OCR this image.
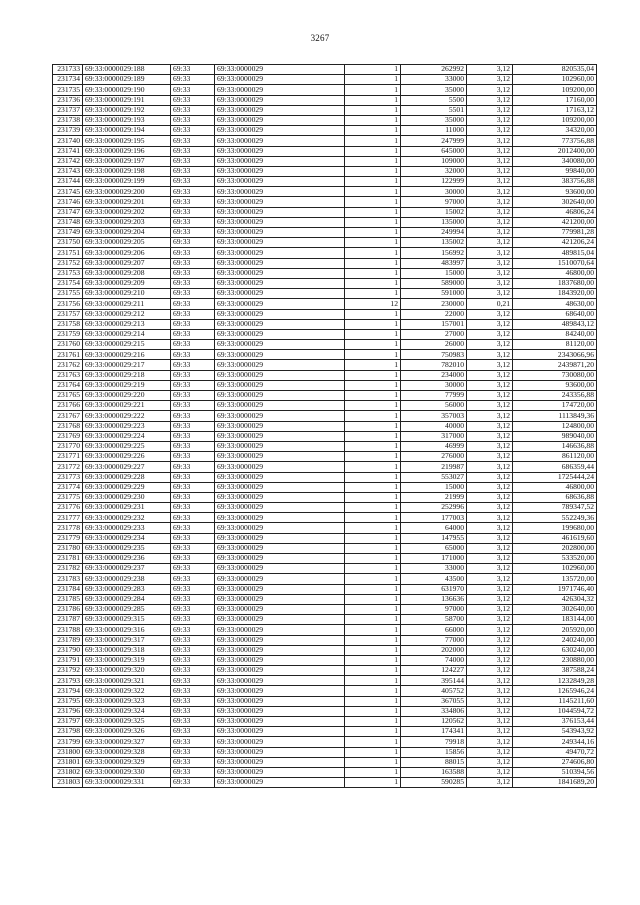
3267
231733	69:33:0000029:188	69:33	69:33:0000029	1	262992	3,12	820535,04
231734	69:33:0000029:189	69:33	69:33:0000029	1	33000	3,12	102960,00
231735	69:33:0000029:190	69:33	69:33:0000029	1	35000	3,12	109200,00
231736	69:33:0000029:191	69:33	69:33:0000029	1	5500	3,12	17160,00
231737	69:33:0000029:192	69:33	69:33:0000029	1	5501	3,12	17163,12
231738	69:33:0000029:193	69:33	69:33:0000029	1	35000	3,12	109200,00
231739	69:33:0000029:194	69:33	69:33:0000029	1	11000	3,12	34320,00
231740	69:33:0000029:195	69:33	69:33:0000029	1	247999	3,12	773756,88
231741	69:33:0000029:196	69:33	69:33:0000029	1	645000	3,12	2012400,00
231742	69:33:0000029:197	69:33	69:33:0000029	1	109000	3,12	340080,00
231743	69:33:0000029:198	69:33	69:33:0000029	1	32000	3,12	99840,00
231744	69:33:0000029:199	69:33	69:33:0000029	1	122999	3,12	383756,88
231745	69:33:0000029:200	69:33	69:33:0000029	1	30000	3,12	93600,00
231746	69:33:0000029:201	69:33	69:33:0000029	1	97000	3,12	302640,00
231747	69:33:0000029:202	69:33	69:33:0000029	1	15002	3,12	46806,24
231748	69:33:0000029:203	69:33	69:33:0000029	1	135000	3,12	421200,00
231749	69:33:0000029:204	69:33	69:33:0000029	1	249994	3,12	779981,28
231750	69:33:0000029:205	69:33	69:33:0000029	1	135002	3,12	421206,24
231751	69:33:0000029:206	69:33	69:33:0000029	1	156992	3,12	489815,04
231752	69:33:0000029:207	69:33	69:33:0000029	1	483997	3,12	1510070,64
231753	69:33:0000029:208	69:33	69:33:0000029	1	15000	3,12	46800,00
231754	69:33:0000029:209	69:33	69:33:0000029	1	589000	3,12	1837680,00
231755	69:33:0000029:210	69:33	69:33:0000029	1	591000	3,12	1843920,00
231756	69:33:0000029:211	69:33	69:33:0000029	12	230000	0,21	48630,00
231757	69:33:0000029:212	69:33	69:33:0000029	1	22000	3,12	68640,00
231758	69:33:0000029:213	69:33	69:33:0000029	1	157001	3,12	489843,12
231759	69:33:0000029:214	69:33	69:33:0000029	1	27000	3,12	84240,00
231760	69:33:0000029:215	69:33	69:33:0000029	1	26000	3,12	81120,00
231761	69:33:0000029:216	69:33	69:33:0000029	1	750983	3,12	2343066,96
231762	69:33:0000029:217	69:33	69:33:0000029	1	782010	3,12	2439871,20
231763	69:33:0000029:218	69:33	69:33:0000029	1	234000	3,12	730080,00
231764	69:33:0000029:219	69:33	69:33:0000029	1	30000	3,12	93600,00
231765	69:33:0000029:220	69:33	69:33:0000029	1	77999	3,12	243356,88
231766	69:33:0000029:221	69:33	69:33:0000029	1	56000	3,12	174720,00
231767	69:33:0000029:222	69:33	69:33:0000029	1	357003	3,12	1113849,36
231768	69:33:0000029:223	69:33	69:33:0000029	1	40000	3,12	124800,00
231769	69:33:0000029:224	69:33	69:33:0000029	1	317000	3,12	989040,00
231770	69:33:0000029:225	69:33	69:33:0000029	1	46999	3,12	146636,88
231771	69:33:0000029:226	69:33	69:33:0000029	1	276000	3,12	861120,00
231772	69:33:0000029:227	69:33	69:33:0000029	1	219987	3,12	686359,44
231773	69:33:0000029:228	69:33	69:33:0000029	1	553027	3,12	1725444,24
231774	69:33:0000029:229	69:33	69:33:0000029	1	15000	3,12	46800,00
231775	69:33:0000029:230	69:33	69:33:0000029	1	21999	3,12	68636,88
231776	69:33:0000029:231	69:33	69:33:0000029	1	252996	3,12	789347,52
231777	69:33:0000029:232	69:33	69:33:0000029	1	177003	3,12	552249,36
231778	69:33:0000029:233	69:33	69:33:0000029	1	64000	3,12	199680,00
231779	69:33:0000029:234	69:33	69:33:0000029	1	147955	3,12	461619,60
231780	69:33:0000029:235	69:33	69:33:0000029	1	65000	3,12	202800,00
231781	69:33:0000029:236	69:33	69:33:0000029	1	171000	3,12	533520,00
231782	69:33:0000029:237	69:33	69:33:0000029	1	33000	3,12	102960,00
231783	69:33:0000029:238	69:33	69:33:0000029	1	43500	3,12	135720,00
231784	69:33:0000029:283	69:33	69:33:0000029	1	631970	3,12	1971746,40
231785	69:33:0000029:284	69:33	69:33:0000029	1	136636	3,12	426304,32
231786	69:33:0000029:285	69:33	69:33:0000029	1	97000	3,12	302640,00
231787	69:33:0000029:315	69:33	69:33:0000029	1	58700	3,12	183144,00
231788	69:33:0000029:316	69:33	69:33:0000029	1	66000	3,12	205920,00
231789	69:33:0000029:317	69:33	69:33:0000029	1	77000	3,12	240240,00
231790	69:33:0000029:318	69:33	69:33:0000029	1	202000	3,12	630240,00
231791	69:33:0000029:319	69:33	69:33:0000029	1	74000	3,12	230880,00
231792	69:33:0000029:320	69:33	69:33:0000029	1	124227	3,12	387588,24
231793	69:33:0000029:321	69:33	69:33:0000029	1	395144	3,12	1232849,28
231794	69:33:0000029:322	69:33	69:33:0000029	1	405752	3,12	1265946,24
231795	69:33:0000029:323	69:33	69:33:0000029	1	367055	3,12	1145211,60
231796	69:33:0000029:324	69:33	69:33:0000029	1	334806	3,12	1044594,72
231797	69:33:0000029:325	69:33	69:33:0000029	1	120562	3,12	376153,44
231798	69:33:0000029:326	69:33	69:33:0000029	1	174341	3,12	543943,92
231799	69:33:0000029:327	69:33	69:33:0000029	1	79918	3,12	249344,16
231800	69:33:0000029:328	69:33	69:33:0000029	1	15856	3,12	49470,72
231801	69:33:0000029:329	69:33	69:33:0000029	1	88015	3,12	274606,80
231802	69:33:0000029:330	69:33	69:33:0000029	1	163588	3,12	510394,56
231803	69:33:0000029:331	69:33	69:33:0000029	1	590285	3,12	1841689,20
